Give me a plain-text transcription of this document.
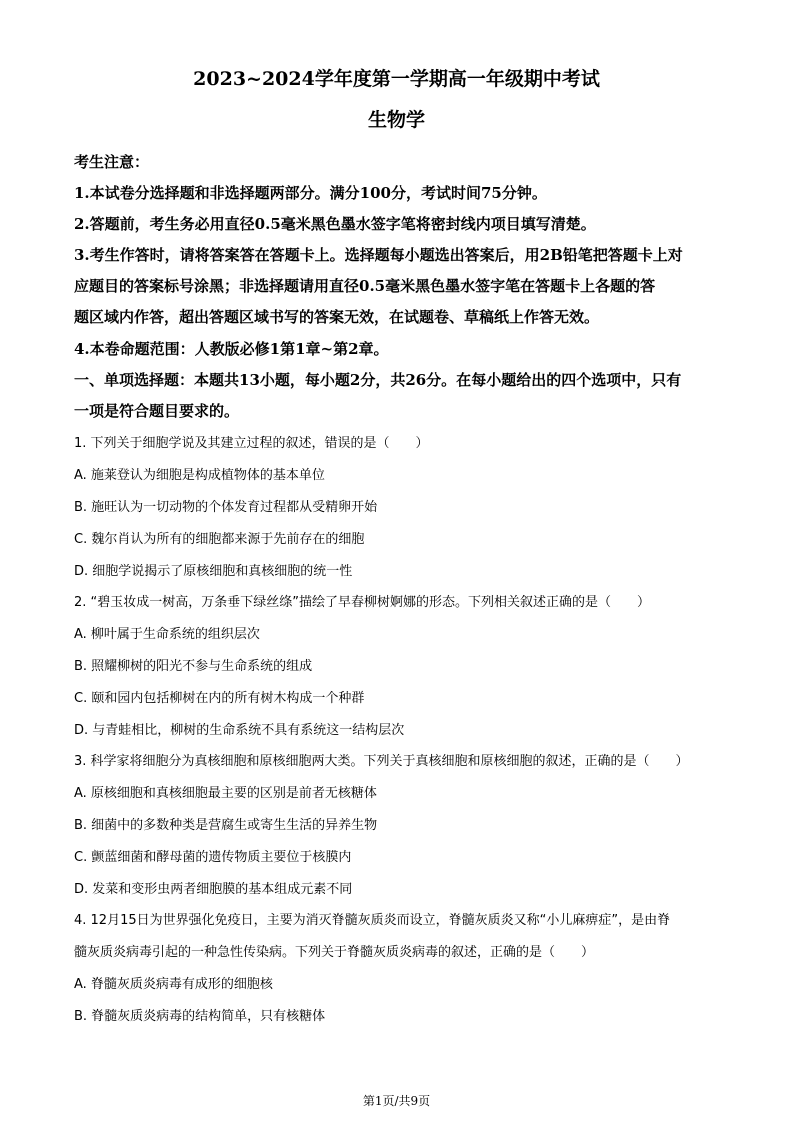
2023~2024学年度第一学期高一年级期中考试
生物学
考生注意：
1.本试卷分选择题和非选择题两部分。满分100分，考试时间75分钟。
2.答题前，考生务必用直径0.5毫米黑色墨水签字笔将密封线内项目填写清楚。
3.考生作答时，请将答案答在答题卡上。选择题每小题选出答案后，用2B铅笔把答题卡上对
应题目的答案标号涂黑；非选择题请用直径0.5毫米黑色墨水签字笔在答题卡上各题的答
题区域内作答，超出答题区域书写的答案无效，在试题卷、草稿纸上作答无效。
4.本卷命题范围：人教版必修1第1章~第2章。
一、单项选择题：本题共13小题，每小题2分，共26分。在每小题给出的四个选项中，只有
一项是符合题目要求的。
1. 下列关于细胞学说及其建立过程的叙述，错误的是（　　）
A. 施莱登认为细胞是构成植物体的基本单位
B. 施旺认为一切动物的个体发育过程都从受精卵开始
C. 魏尔肖认为所有的细胞都来源于先前存在的细胞
D. 细胞学说揭示了原核细胞和真核细胞的统一性
2. “碧玉妆成一树高，万条垂下绿丝绦”描绘了早春柳树婀娜的形态。下列相关叙述正确的是（　　）
A. 柳叶属于生命系统的组织层次
B. 照耀柳树的阳光不参与生命系统的组成
C. 颐和园内包括柳树在内的所有树木构成一个种群
D. 与青蛙相比，柳树的生命系统不具有系统这一结构层次
3. 科学家将细胞分为真核细胞和原核细胞两大类。下列关于真核细胞和原核细胞的叙述，正确的是（　　）
A. 原核细胞和真核细胞最主要的区别是前者无核糖体
B. 细菌中的多数种类是营腐生或寄生生活的异养生物
C. 颤蓝细菌和酵母菌的遗传物质主要位于核膜内
D. 发菜和变形虫两者细胞膜的基本组成元素不同
4. 12月15日为世界强化免疫日，主要为消灭脊髓灰质炎而设立，脊髓灰质炎又称“小儿麻痹症”，是由脊
髓灰质炎病毒引起的一种急性传染病。下列关于脊髓灰质炎病毒的叙述，正确的是（　　）
A. 脊髓灰质炎病毒有成形的细胞核
B. 脊髓灰质炎病毒的结构简单，只有核糖体
第1页/共9页
